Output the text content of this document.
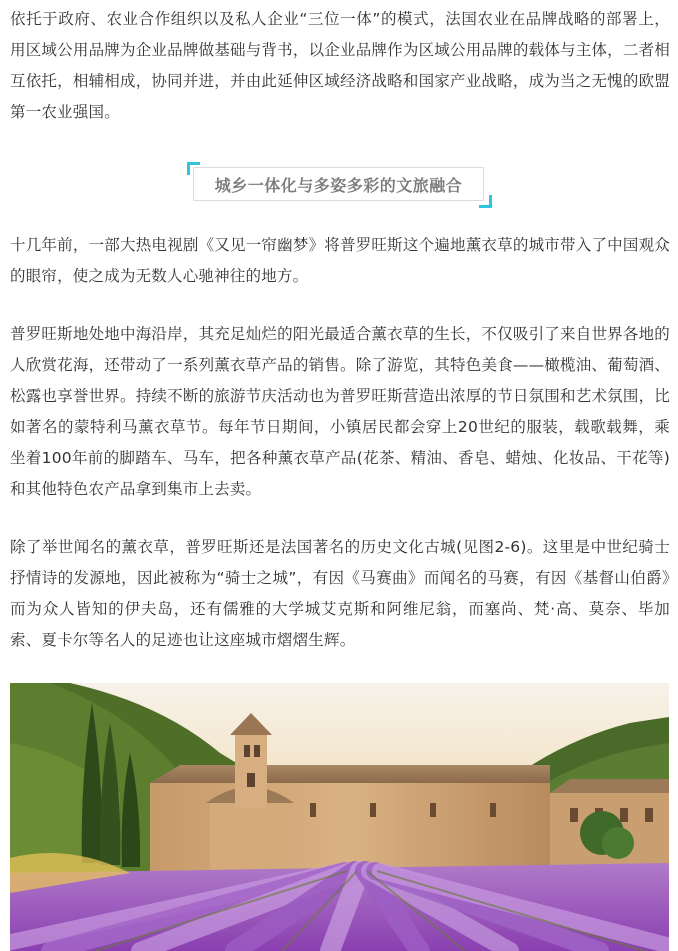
依托于政府、农业合作组织以及私人企业“三位一体”的模式，法国农业在品牌战略的部署上，用区域公用品牌为企业品牌做基础与背书，以企业品牌作为区域公用品牌的载体与主体，二者相互依托，相辅相成，协同并进，并由此延伸区域经济战略和国家产业战略，成为当之无愧的欧盟第一农业强国。

城乡一体化与多姿多彩的文旅融合

十几年前，一部大热电视剧《又见一帘幽梦》将普罗旺斯这个遍地薰衣草的城市带入了中国观众的眼帘，使之成为无数人心驰神往的地方。

普罗旺斯地处地中海沿岸，其充足灿烂的阳光最适合薰衣草的生长，不仅吸引了来自世界各地的人欣赏花海，还带动了一系列薰衣草产品的销售。除了游览，其特色美食——橄榄油、葡萄酒、松露也享誉世界。持续不断的旅游节庆活动也为普罗旺斯营造出浓厚的节日氛围和艺术氛围，比如著名的蒙特利马薰衣草节。每年节日期间，小镇居民都会穿上20世纪的服装，载歌载舞，乘坐着100年前的脚踏车、马车，把各种薰衣草产品(花茶、精油、香皂、蜡烛、化妆品、干花等)和其他特色农产品拿到集市上去卖。

除了举世闻名的薰衣草，普罗旺斯还是法国著名的历史文化古城(见图2-6)。这里是中世纪骑士抒情诗的发源地，因此被称为“骑士之城”，有因《马赛曲》而闻名的马赛，有因《基督山伯爵》而为众人皆知的伊夫岛，还有儒雅的大学城艾克斯和阿维尼翁，而塞尚、梵·高、莫奈、毕加索、夏卡尔等名人的足迹也让这座城市熠熠生辉。
